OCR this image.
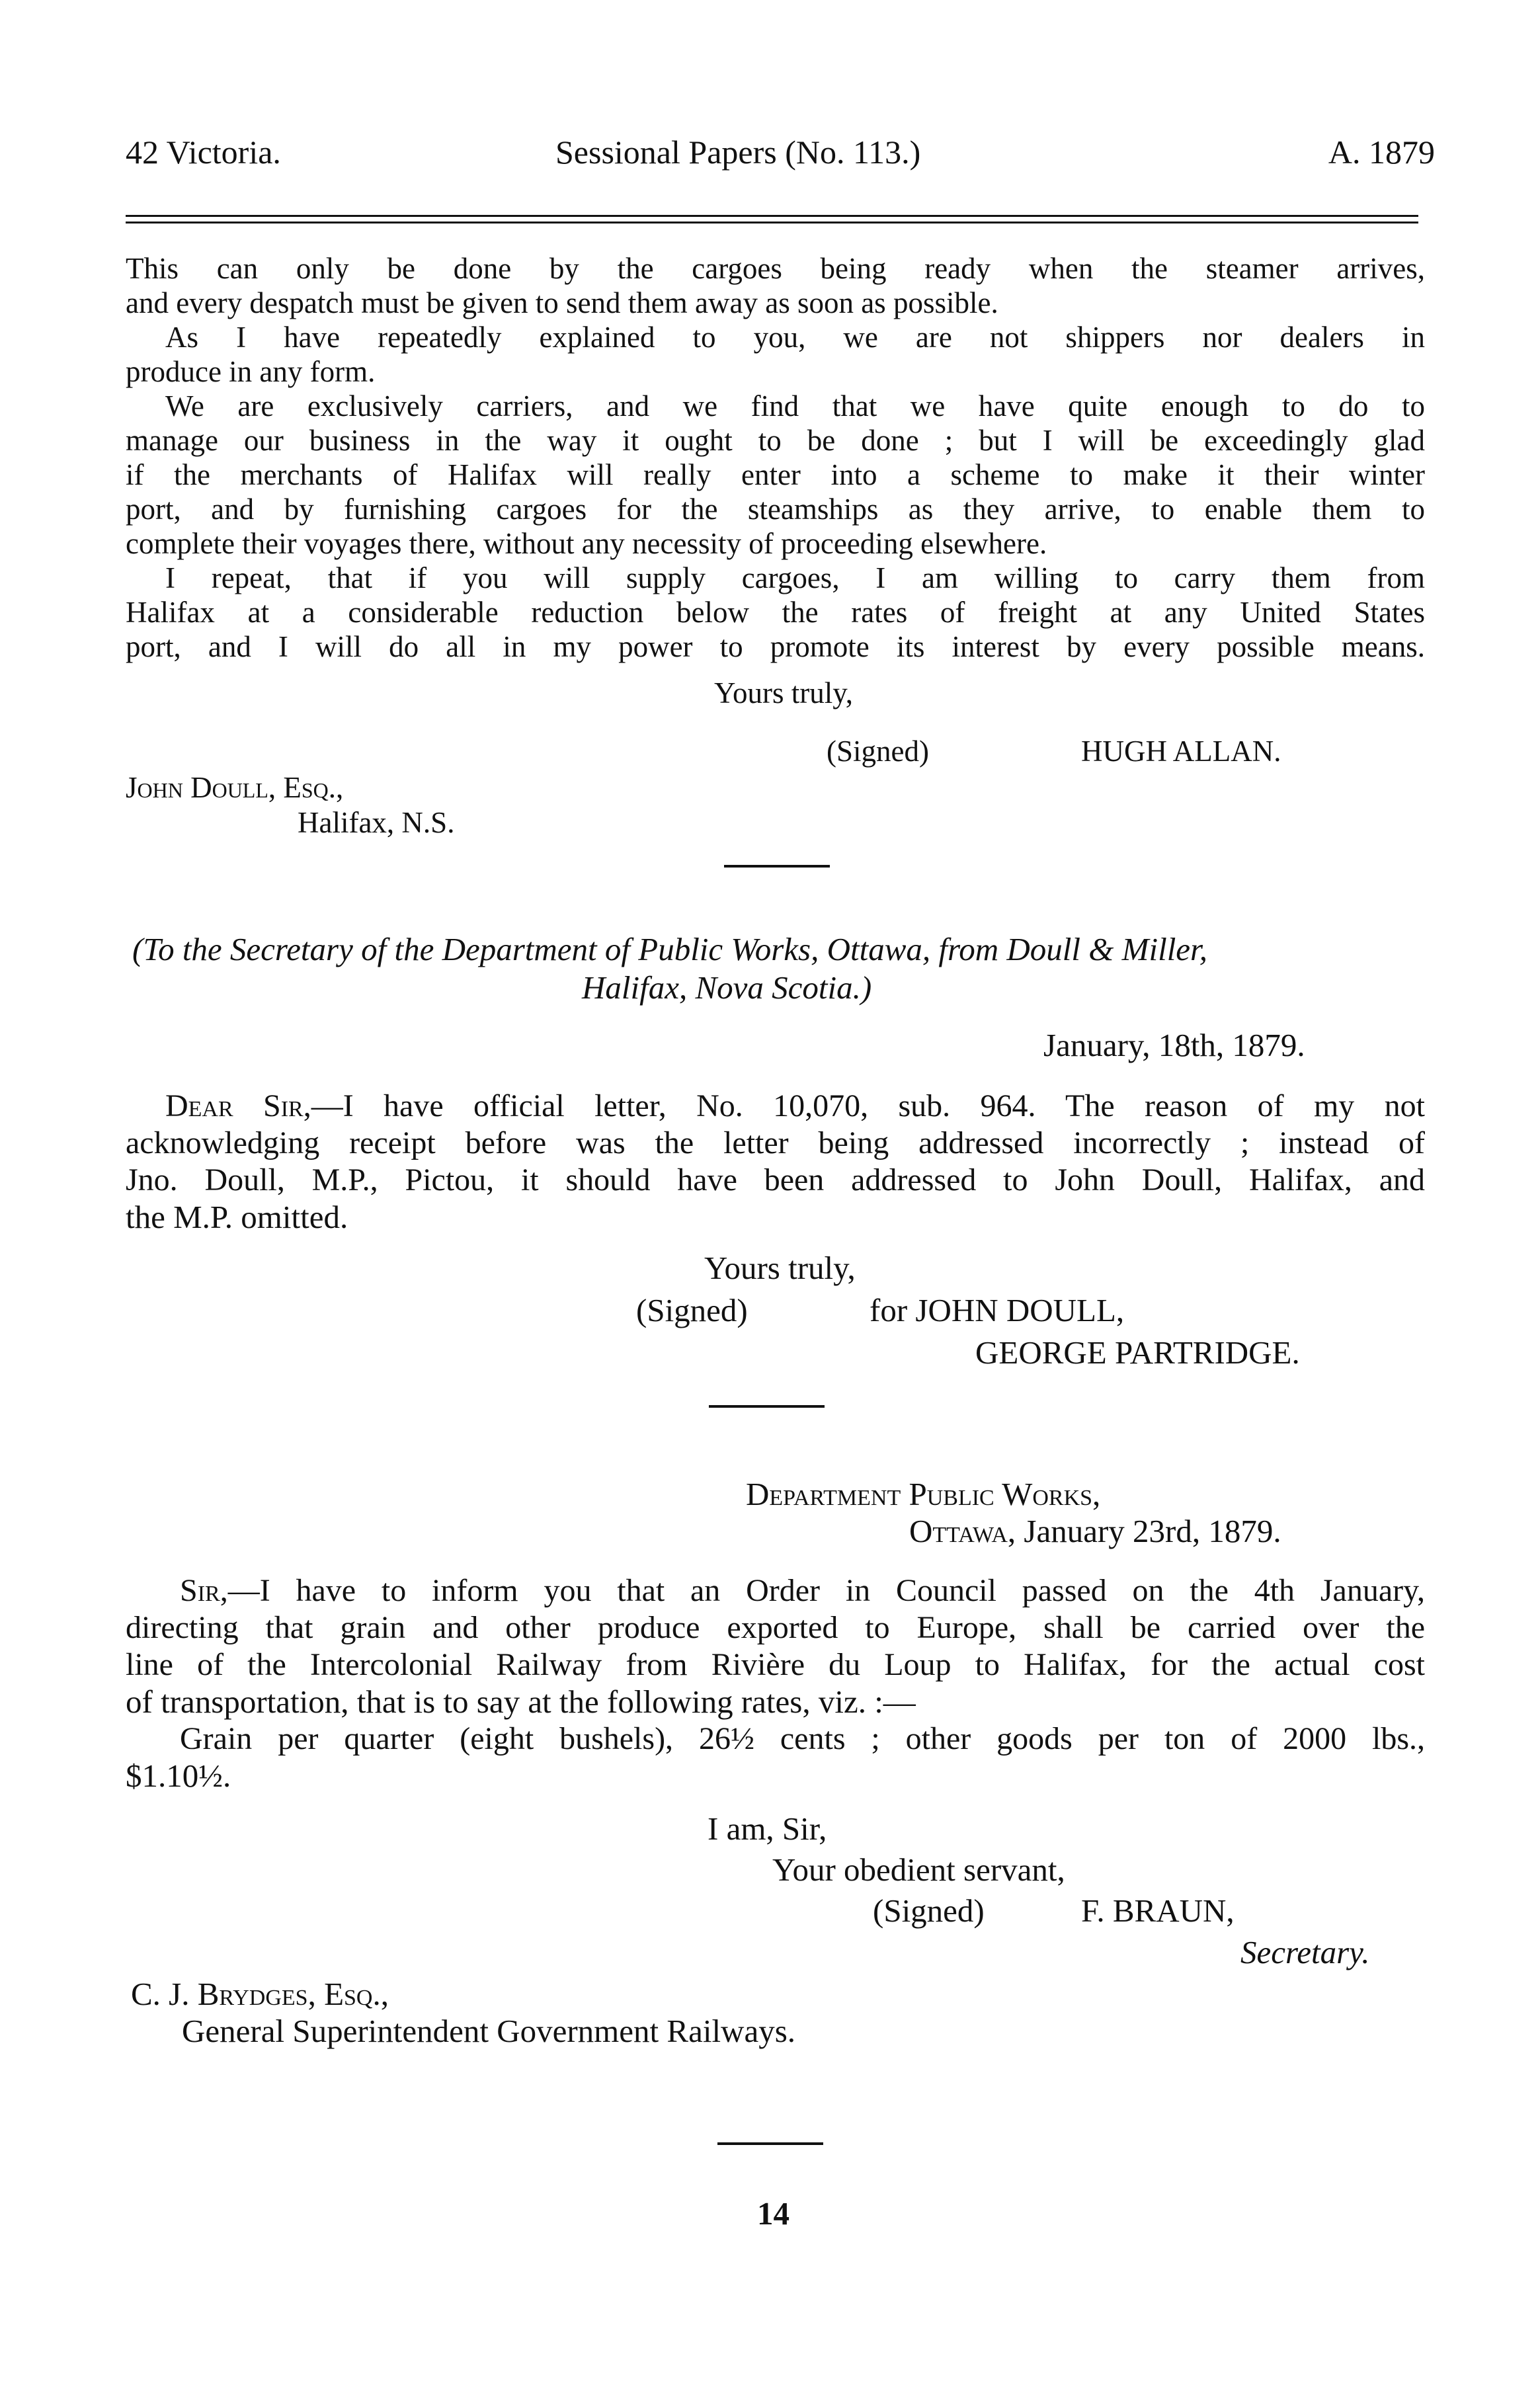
42 Victoria.	Sessional Papers (No. 113.)	A. 1879
This can only be done by the cargoes being ready when the steamer arrives,
and every despatch must be given to send them away as soon as possible.
As I have repeatedly explained to you, we are not shippers nor dealers in
produce in any form.
We are exclusively carriers, and we find that we have quite enough to do to
manage our business in the way it ought to be done ; but I will be exceedingly glad
if the merchants of Halifax will really enter into a scheme to make it their winter
port, and by furnishing cargoes for the steamships as they arrive, to enable them to
complete their voyages there, without any necessity of proceeding elsewhere.
I repeat, that if you will supply cargoes, I am willing to carry them from
Halifax at a considerable reduction below the rates of freight at any United States
port, and I will do all in my power to promote its interest by every possible means.
Yours truly,
(Signed)	HUGH ALLAN.
John Doull, Esq.,
Halifax, N.S.
(To the Secretary of the Department of Public Works, Ottawa, from Doull & Miller,
Halifax, Nova Scotia.)
January, 18th, 1879.
Dear Sir,—I have official letter, No. 10,070, sub. 964. The reason of my not
acknowledging receipt before was the letter being addressed incorrectly ; instead of
Jno. Doull, M.P., Pictou, it should have been addressed to John Doull, Halifax, and
the M.P. omitted.
Yours truly,
(Signed)	for JOHN DOULL,
GEORGE PARTRIDGE.
Department Public Works,
Ottawa, January 23rd, 1879.
Sir,—I have to inform you that an Order in Council passed on the 4th January,
directing that grain and other produce exported to Europe, shall be carried over the
line of the Intercolonial Railway from Rivière du Loup to Halifax, for the actual cost
of transportation, that is to say at the following rates, viz. :—
Grain per quarter (eight bushels), 26½ cents ; other goods per ton of 2000 lbs.,
$1.10½.
I am, Sir,
Your obedient servant,
(Signed)	F. BRAUN,
Secretary.
C. J. Brydges, Esq.,
General Superintendent Government Railways.
14
